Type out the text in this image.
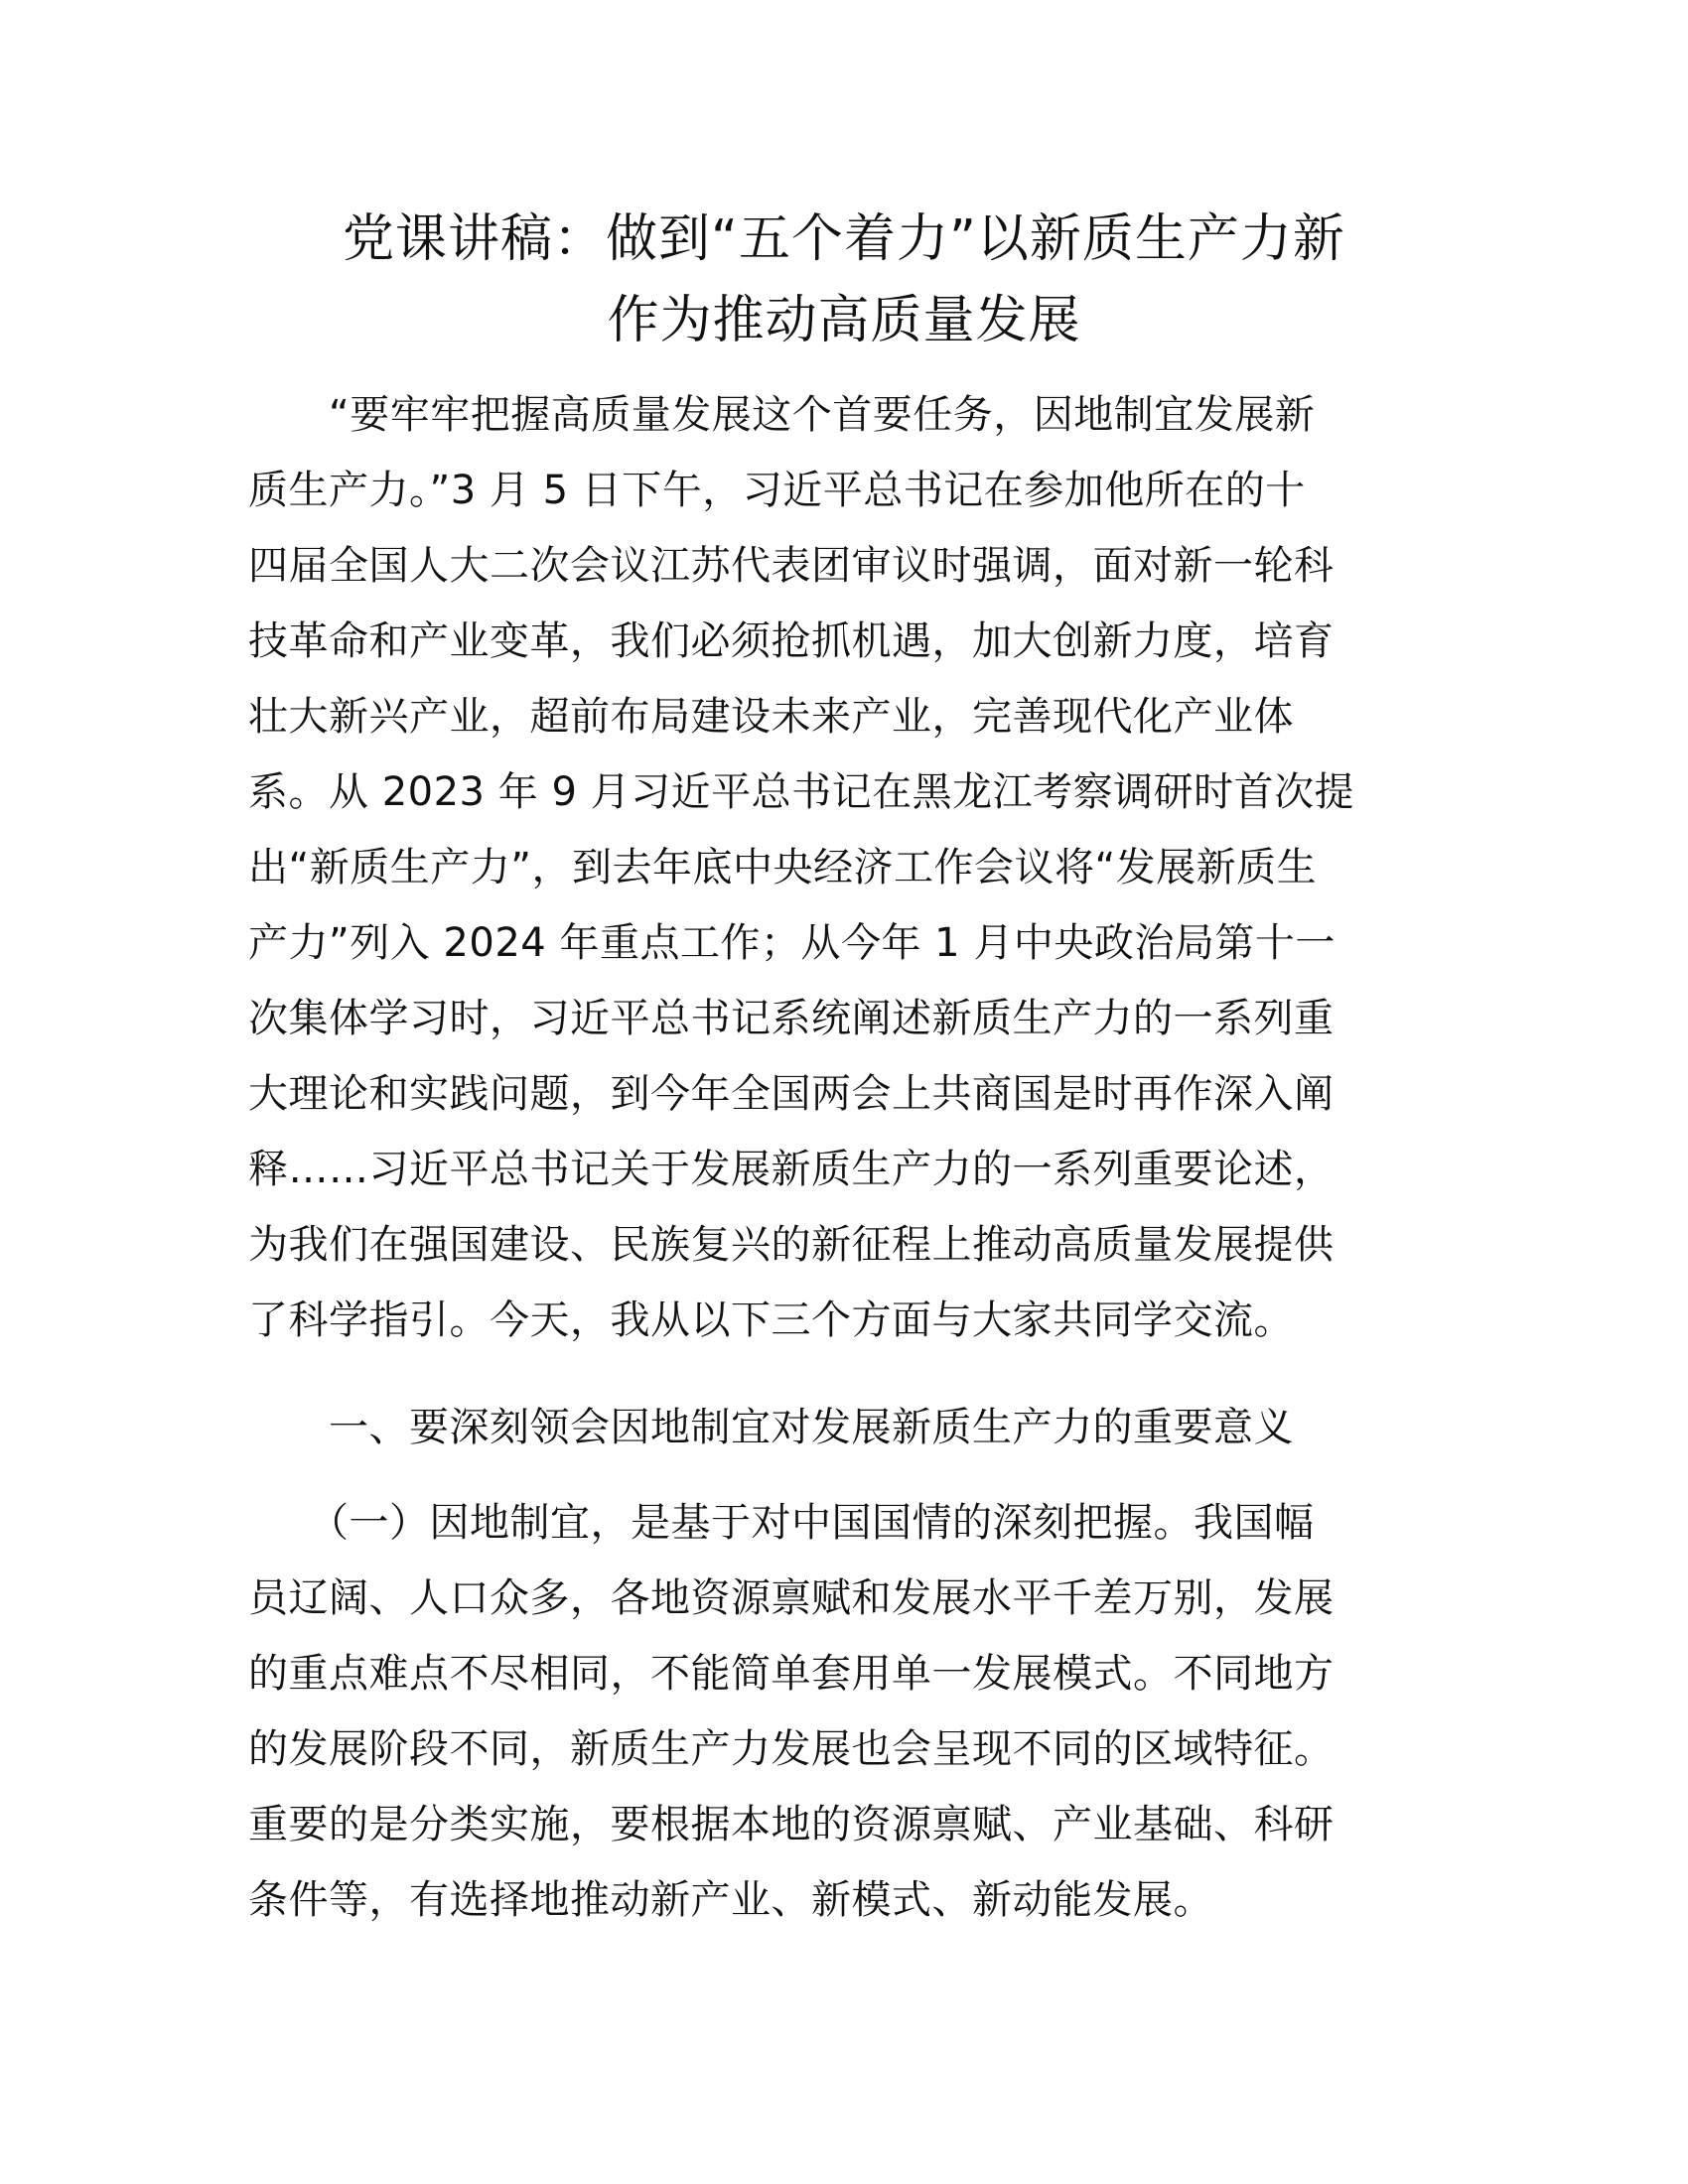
党课讲稿：做到“五个着力”以新质生产力新
作为推动高质量发展
　　“要牢牢把握高质量发展这个首要任务，因地制宜发展新
质生产力。”3 月 5 日下午，习近平总书记在参加他所在的十
四届全国人大二次会议江苏代表团审议时强调，面对新一轮科
技革命和产业变革，我们必须抢抓机遇，加大创新力度，培育
壮大新兴产业，超前布局建设未来产业，完善现代化产业体
系。从 2023 年 9 月习近平总书记在黑龙江考察调研时首次提
出“新质生产力”，到去年底中央经济工作会议将“发展新质生
产力”列入 2024 年重点工作；从今年 1 月中央政治局第十一
次集体学习时，习近平总书记系统阐述新质生产力的一系列重
大理论和实践问题，到今年全国两会上共商国是时再作深入阐
释……习近平总书记关于发展新质生产力的一系列重要论述，
为我们在强国建设、民族复兴的新征程上推动高质量发展提供
了科学指引。今天，我从以下三个方面与大家共同学交流。
　　一、要深刻领会因地制宜对发展新质生产力的重要意义
　　（一）因地制宜，是基于对中国国情的深刻把握。我国幅
员辽阔、人口众多，各地资源禀赋和发展水平千差万别，发展
的重点难点不尽相同，不能简单套用单一发展模式。不同地方
的发展阶段不同，新质生产力发展也会呈现不同的区域特征。
重要的是分类实施，要根据本地的资源禀赋、产业基础、科研
条件等，有选择地推动新产业、新模式、新动能发展。
